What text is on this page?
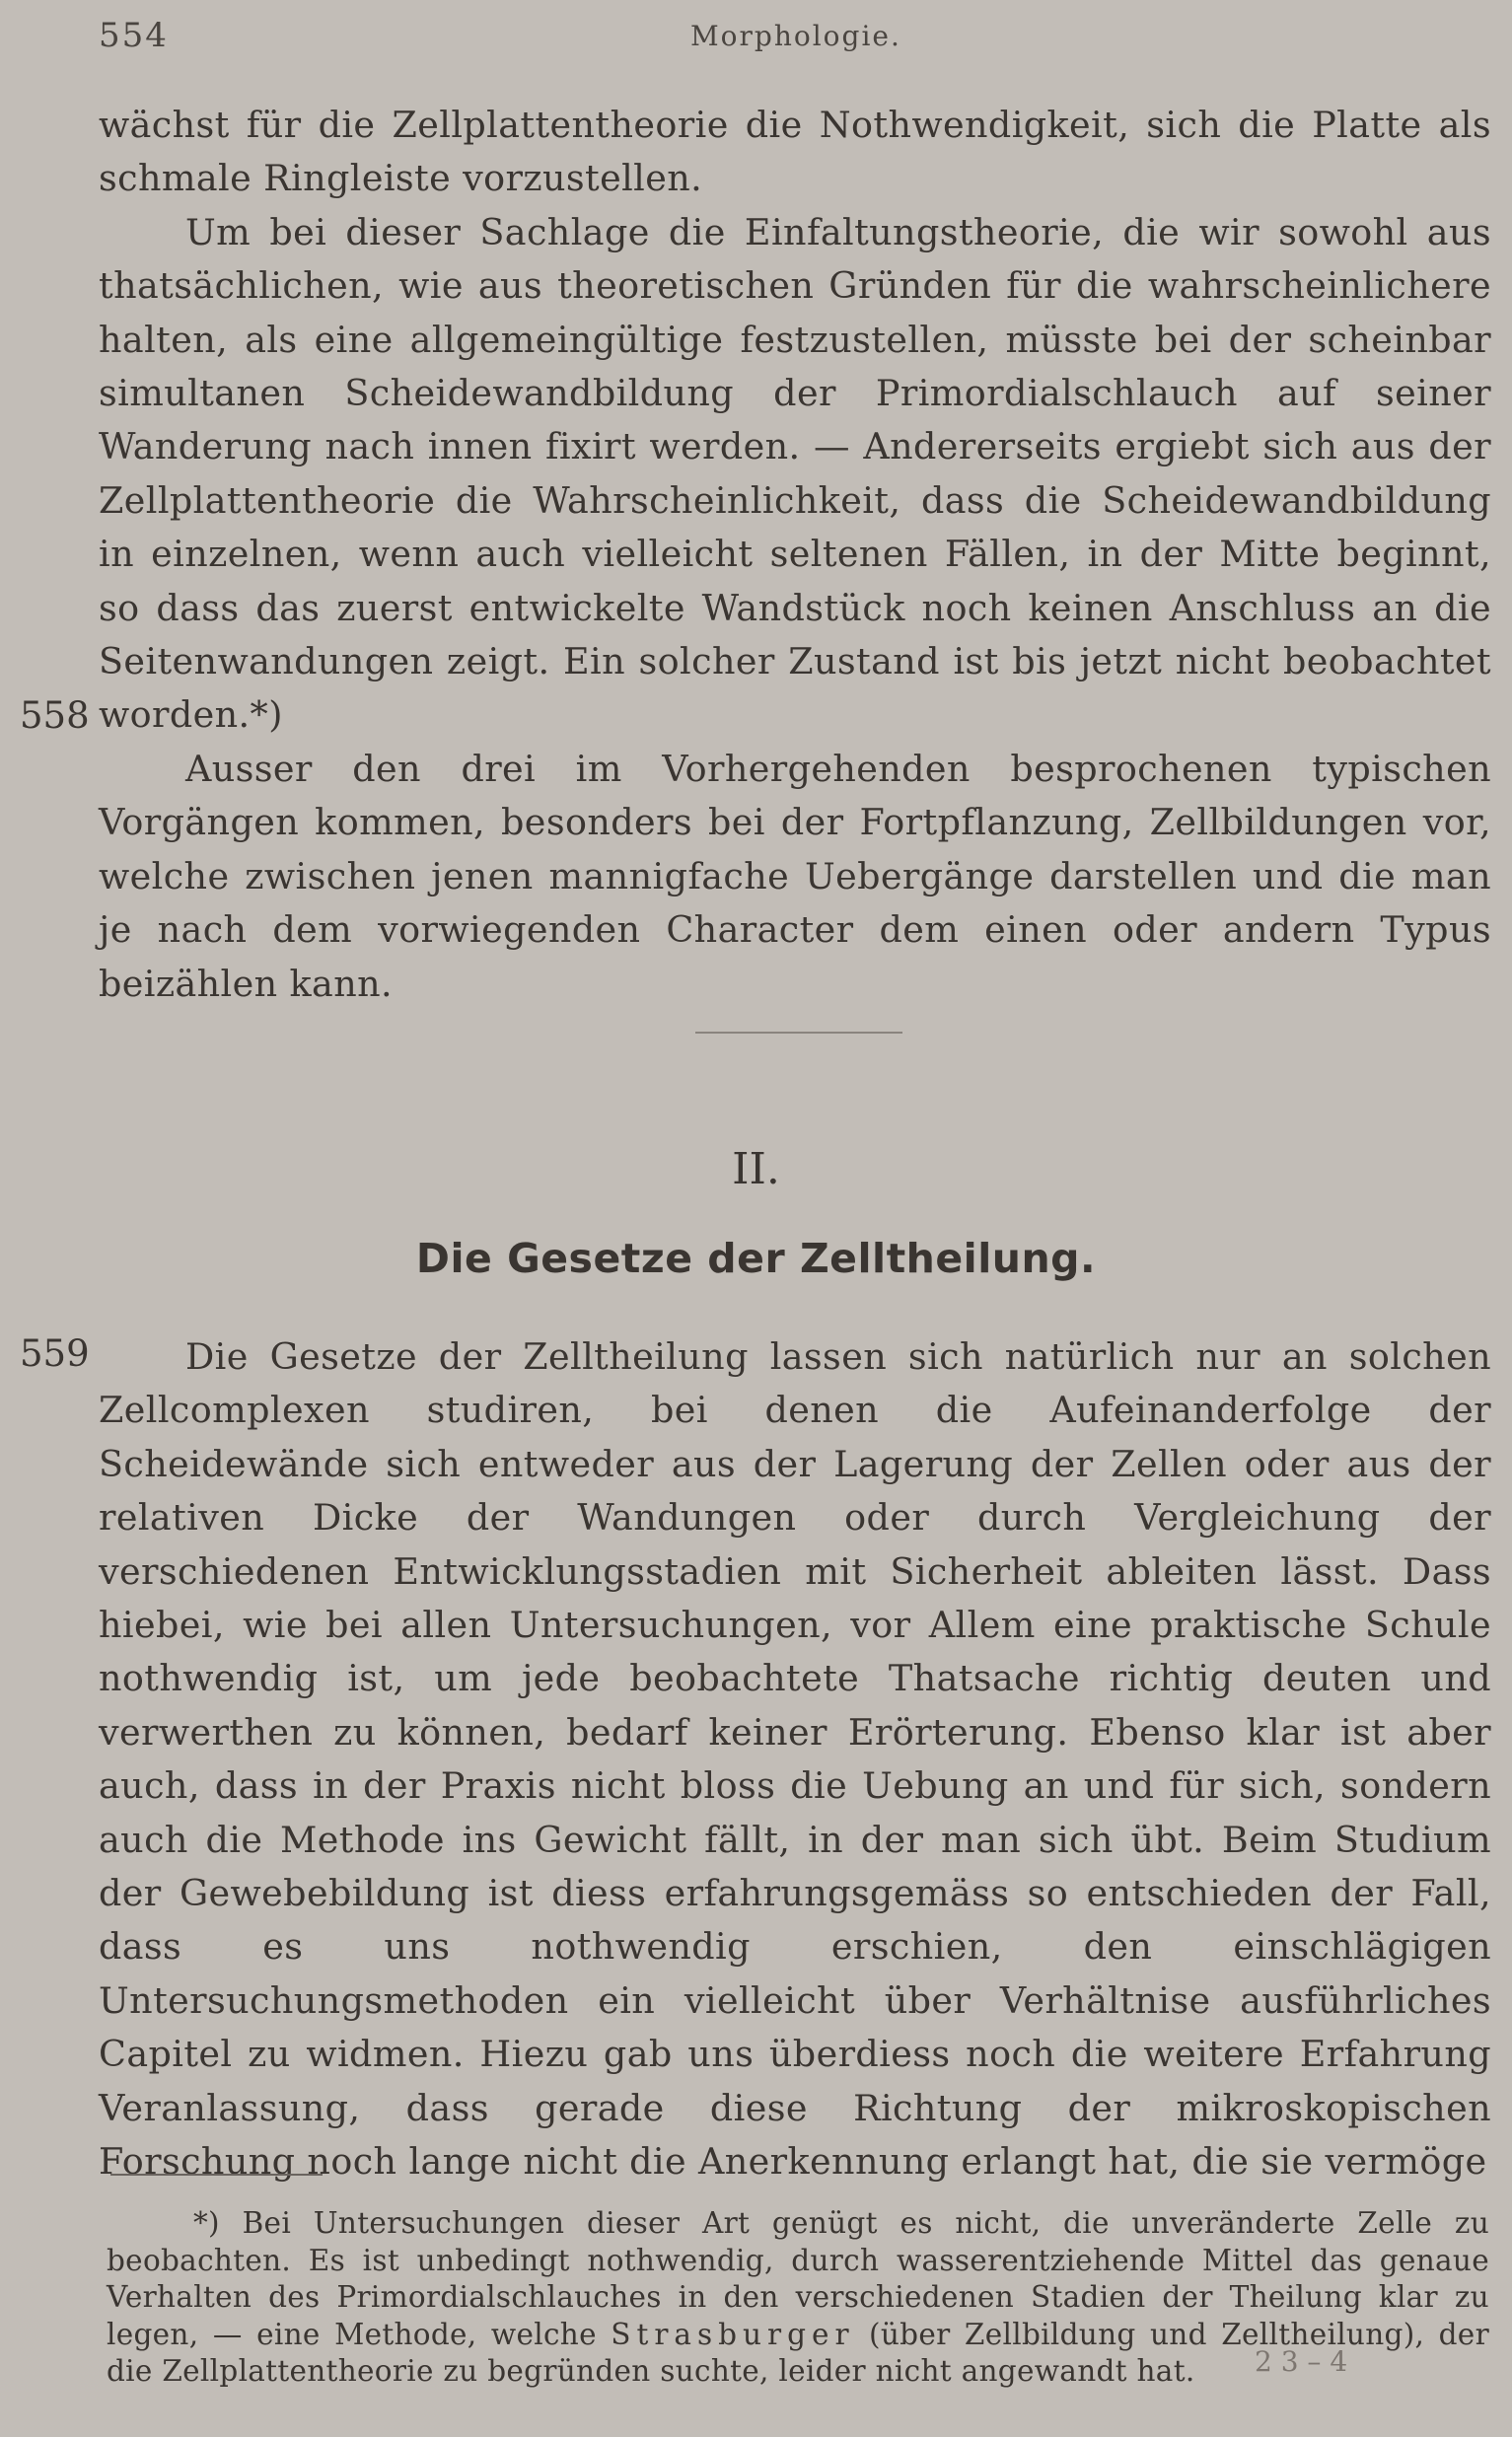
554	Morphologie.

wächst für die Zellplattentheorie die Nothwendigkeit, sich die Platte als schmale Ringleiste vorzustellen.

Um bei dieser Sachlage die Einfaltungstheorie, die wir sowohl aus thatsächlichen, wie aus theoretischen Gründen für die wahrscheinlichere halten, als eine allgemeingültige festzustellen, müsste bei der scheinbar simultanen Scheidewandbildung der Primordialschlauch auf seiner Wanderung nach innen fixirt werden. — Andererseits ergiebt sich aus der Zellplattentheorie die Wahrscheinlichkeit, dass die Scheidewandbildung in einzelnen, wenn auch vielleicht seltenen Fällen, in der Mitte beginnt, so dass das zuerst entwickelte Wandstück noch keinen Anschluss an die Seitenwandungen zeigt. Ein solcher Zustand ist bis jetzt nicht beobachtet worden.*)

Ausser den drei im Vorhergehenden besprochenen typischen Vorgängen kommen, besonders bei der Fortpflanzung, Zellbildungen vor, welche zwischen jenen mannigfache Uebergänge darstellen und die man je nach dem vorwiegenden Character dem einen oder andern Typus beizählen kann.

558
II.
Die Gesetze der Zelltheilung.
559	Die Gesetze der Zelltheilung lassen sich natürlich nur an solchen Zellcomplexen studiren, bei denen die Aufeinanderfolge der Scheidewände sich entweder aus der Lagerung der Zellen oder aus der relativen Dicke der Wandungen oder durch Vergleichung der verschiedenen Entwicklungsstadien mit Sicherheit ableiten lässt. Dass hiebei, wie bei allen Untersuchungen, vor Allem eine praktische Schule nothwendig ist, um jede beobachtete Thatsache richtig deuten und verwerthen zu können, bedarf keiner Erörterung. Ebenso klar ist aber auch, dass in der Praxis nicht bloss die Uebung an und für sich, sondern auch die Methode ins Gewicht fällt, in der man sich übt. Beim Studium der Gewebebildung ist diess erfahrungsgemäss so entschieden der Fall, dass es uns nothwendig erschien, den einschlägigen Untersuchungsmethoden ein vielleicht über Verhältnise ausführliches Capitel zu widmen. Hiezu gab uns überdiess noch die weitere Erfahrung Veranlassung, dass gerade diese Richtung der mikroskopischen Forschung noch lange nicht die Anerkennung erlangt hat, die sie vermöge

*) Bei Untersuchungen dieser Art genügt es nicht, die unveränderte Zelle zu beobachten. Es ist unbedingt nothwendig, durch wasserentziehende Mittel das genaue Verhalten des Primordialschlauches in den verschiedenen Stadien der Theilung klar zu legen, — eine Methode, welche Strasburger (über Zellbildung und Zelltheilung), der die Zellplattentheorie zu begründen suchte, leider nicht angewandt hat.	2 3 – 4
